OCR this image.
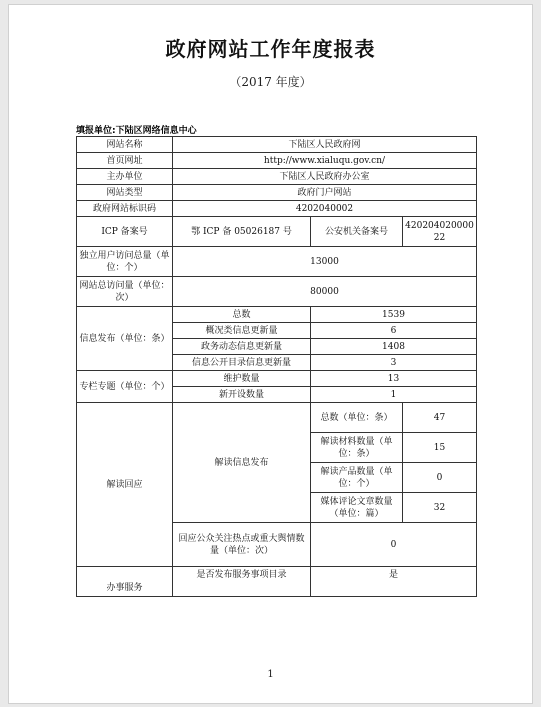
政府网站工作年度报表
（2017 年度）
填报单位:下陆区网络信息中心
网站名称	下陆区人民政府网		
首页网址	http://www.xialuqu.gov.cn/		
主办单位	下陆区人民政府办公室		
网站类型	政府门户网站		
政府网站标识码	4202040002		
ICP 备案号	鄂 ICP 备 05026187 号	公安机关备案号	42020402000022
独立用户访问总量（单位：个）	13000		
网站总访问量（单位：次）	80000		
信息发布（单位：条）	总数	1539	
	概况类信息更新量	6	
	政务动态信息更新量	1408	
	信息公开目录信息更新量	3	
专栏专题（单位：个）	维护数量	13	
	新开设数量	1	
解读回应	解读信息发布	总数（单位：条）	47
		解读材料数量（单位：条）	15
		解读产品数量（单位：个）	0
		媒体评论文章数量（单位：篇）	32
	回应公众关注热点或重大舆情数量（单位：次）	0	
办事服务	是否发布服务事项目录	是	
1
